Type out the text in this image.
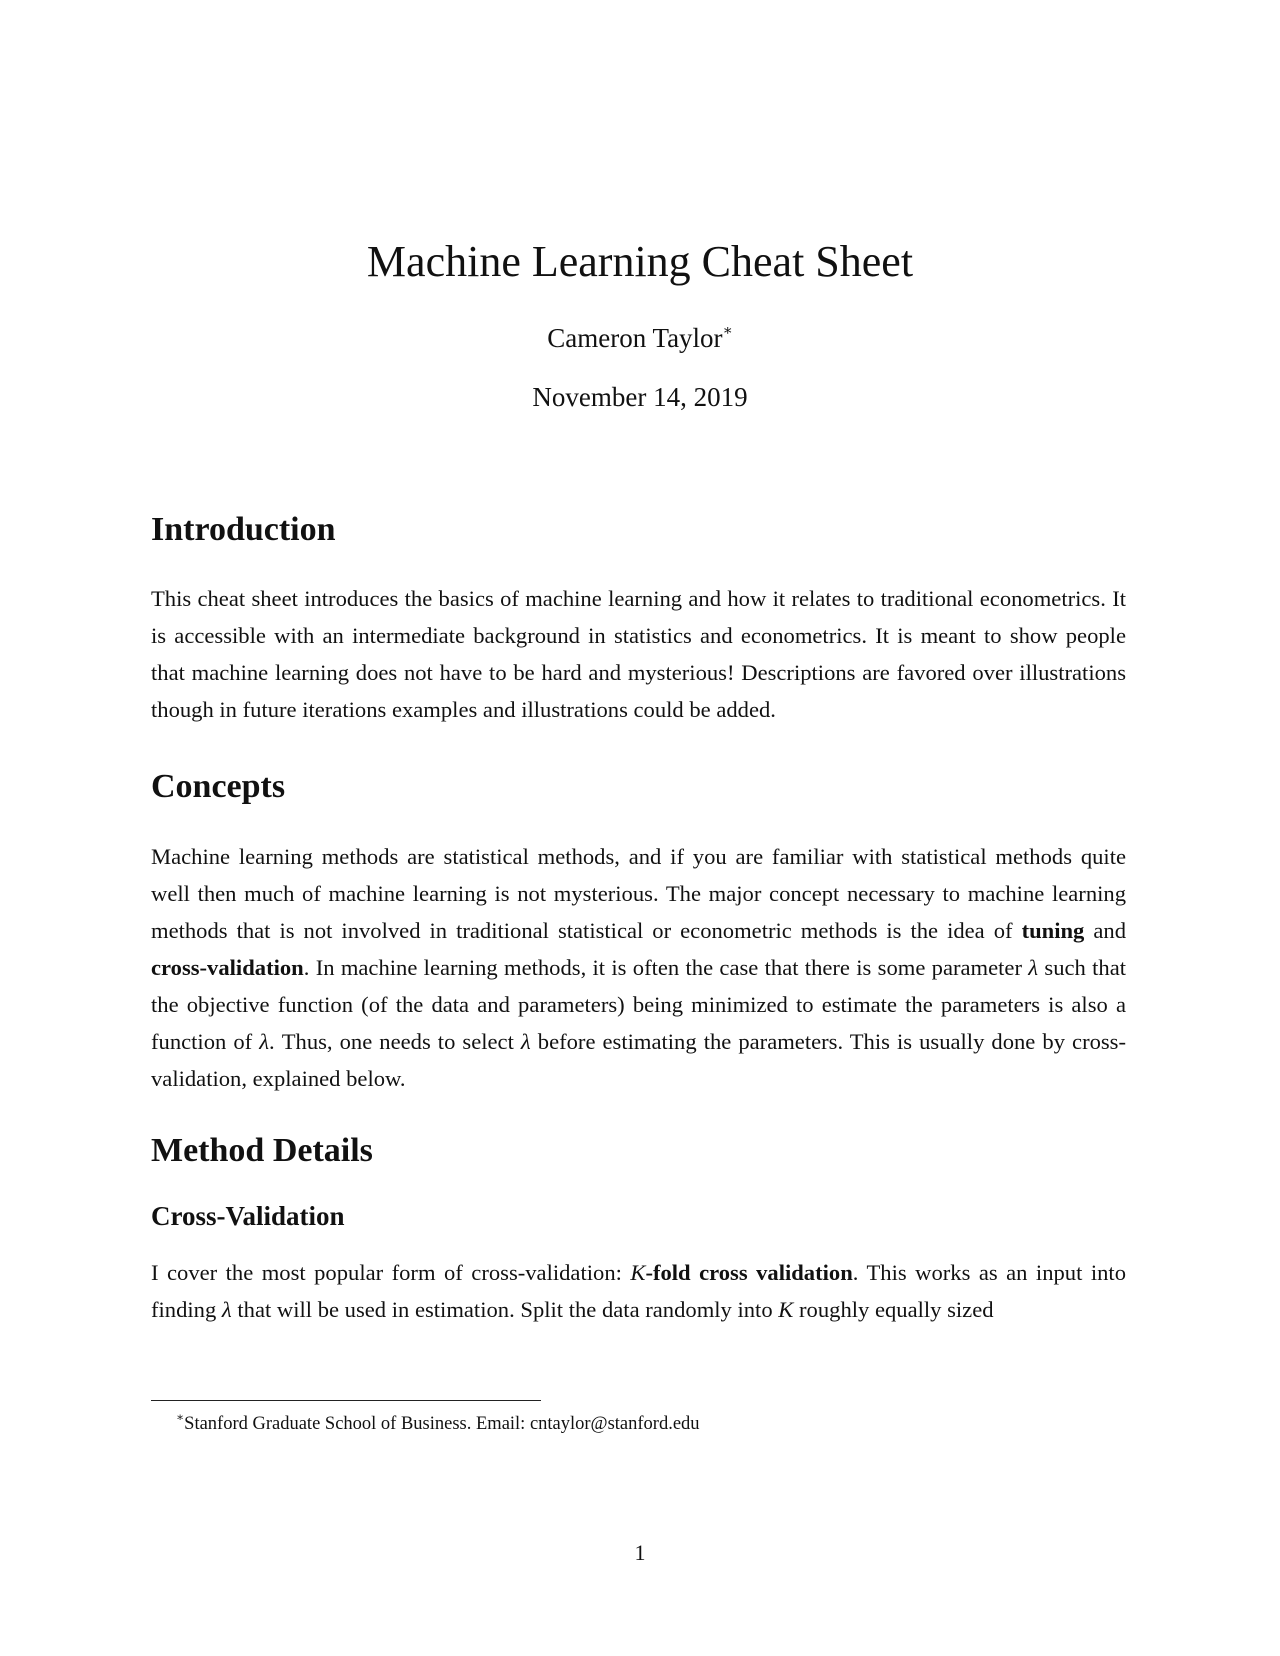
Machine Learning Cheat Sheet
Cameron Taylor∗
November 14, 2019
Introduction

This cheat sheet introduces the basics of machine learning and how it relates to traditional econometrics. It is accessible with an intermediate background in statistics and econometrics. It is meant to show people that machine learning does not have to be hard and mysterious! Descriptions are favored over illustrations though in future iterations examples and illustrations could be added.

Concepts

Machine learning methods are statistical methods, and if you are familiar with statistical methods quite well then much of machine learning is not mysterious. The major concept necessary to machine learning methods that is not involved in traditional statistical or econometric methods is the idea of tuning and cross-validation. In machine learning methods, it is often the case that there is some parameter λ such that the objective function (of the data and parameters) being minimized to estimate the parameters is also a function of λ. Thus, one needs to select λ before estimating the parameters. This is usually done by cross-validation, explained below.

Method Details
Cross-Validation

I cover the most popular form of cross-validation: K-fold cross validation. This works as an input into finding λ that will be used in estimation. Split the data randomly into K roughly equally sized

∗Stanford Graduate School of Business. Email: cntaylor@stanford.edu
1
